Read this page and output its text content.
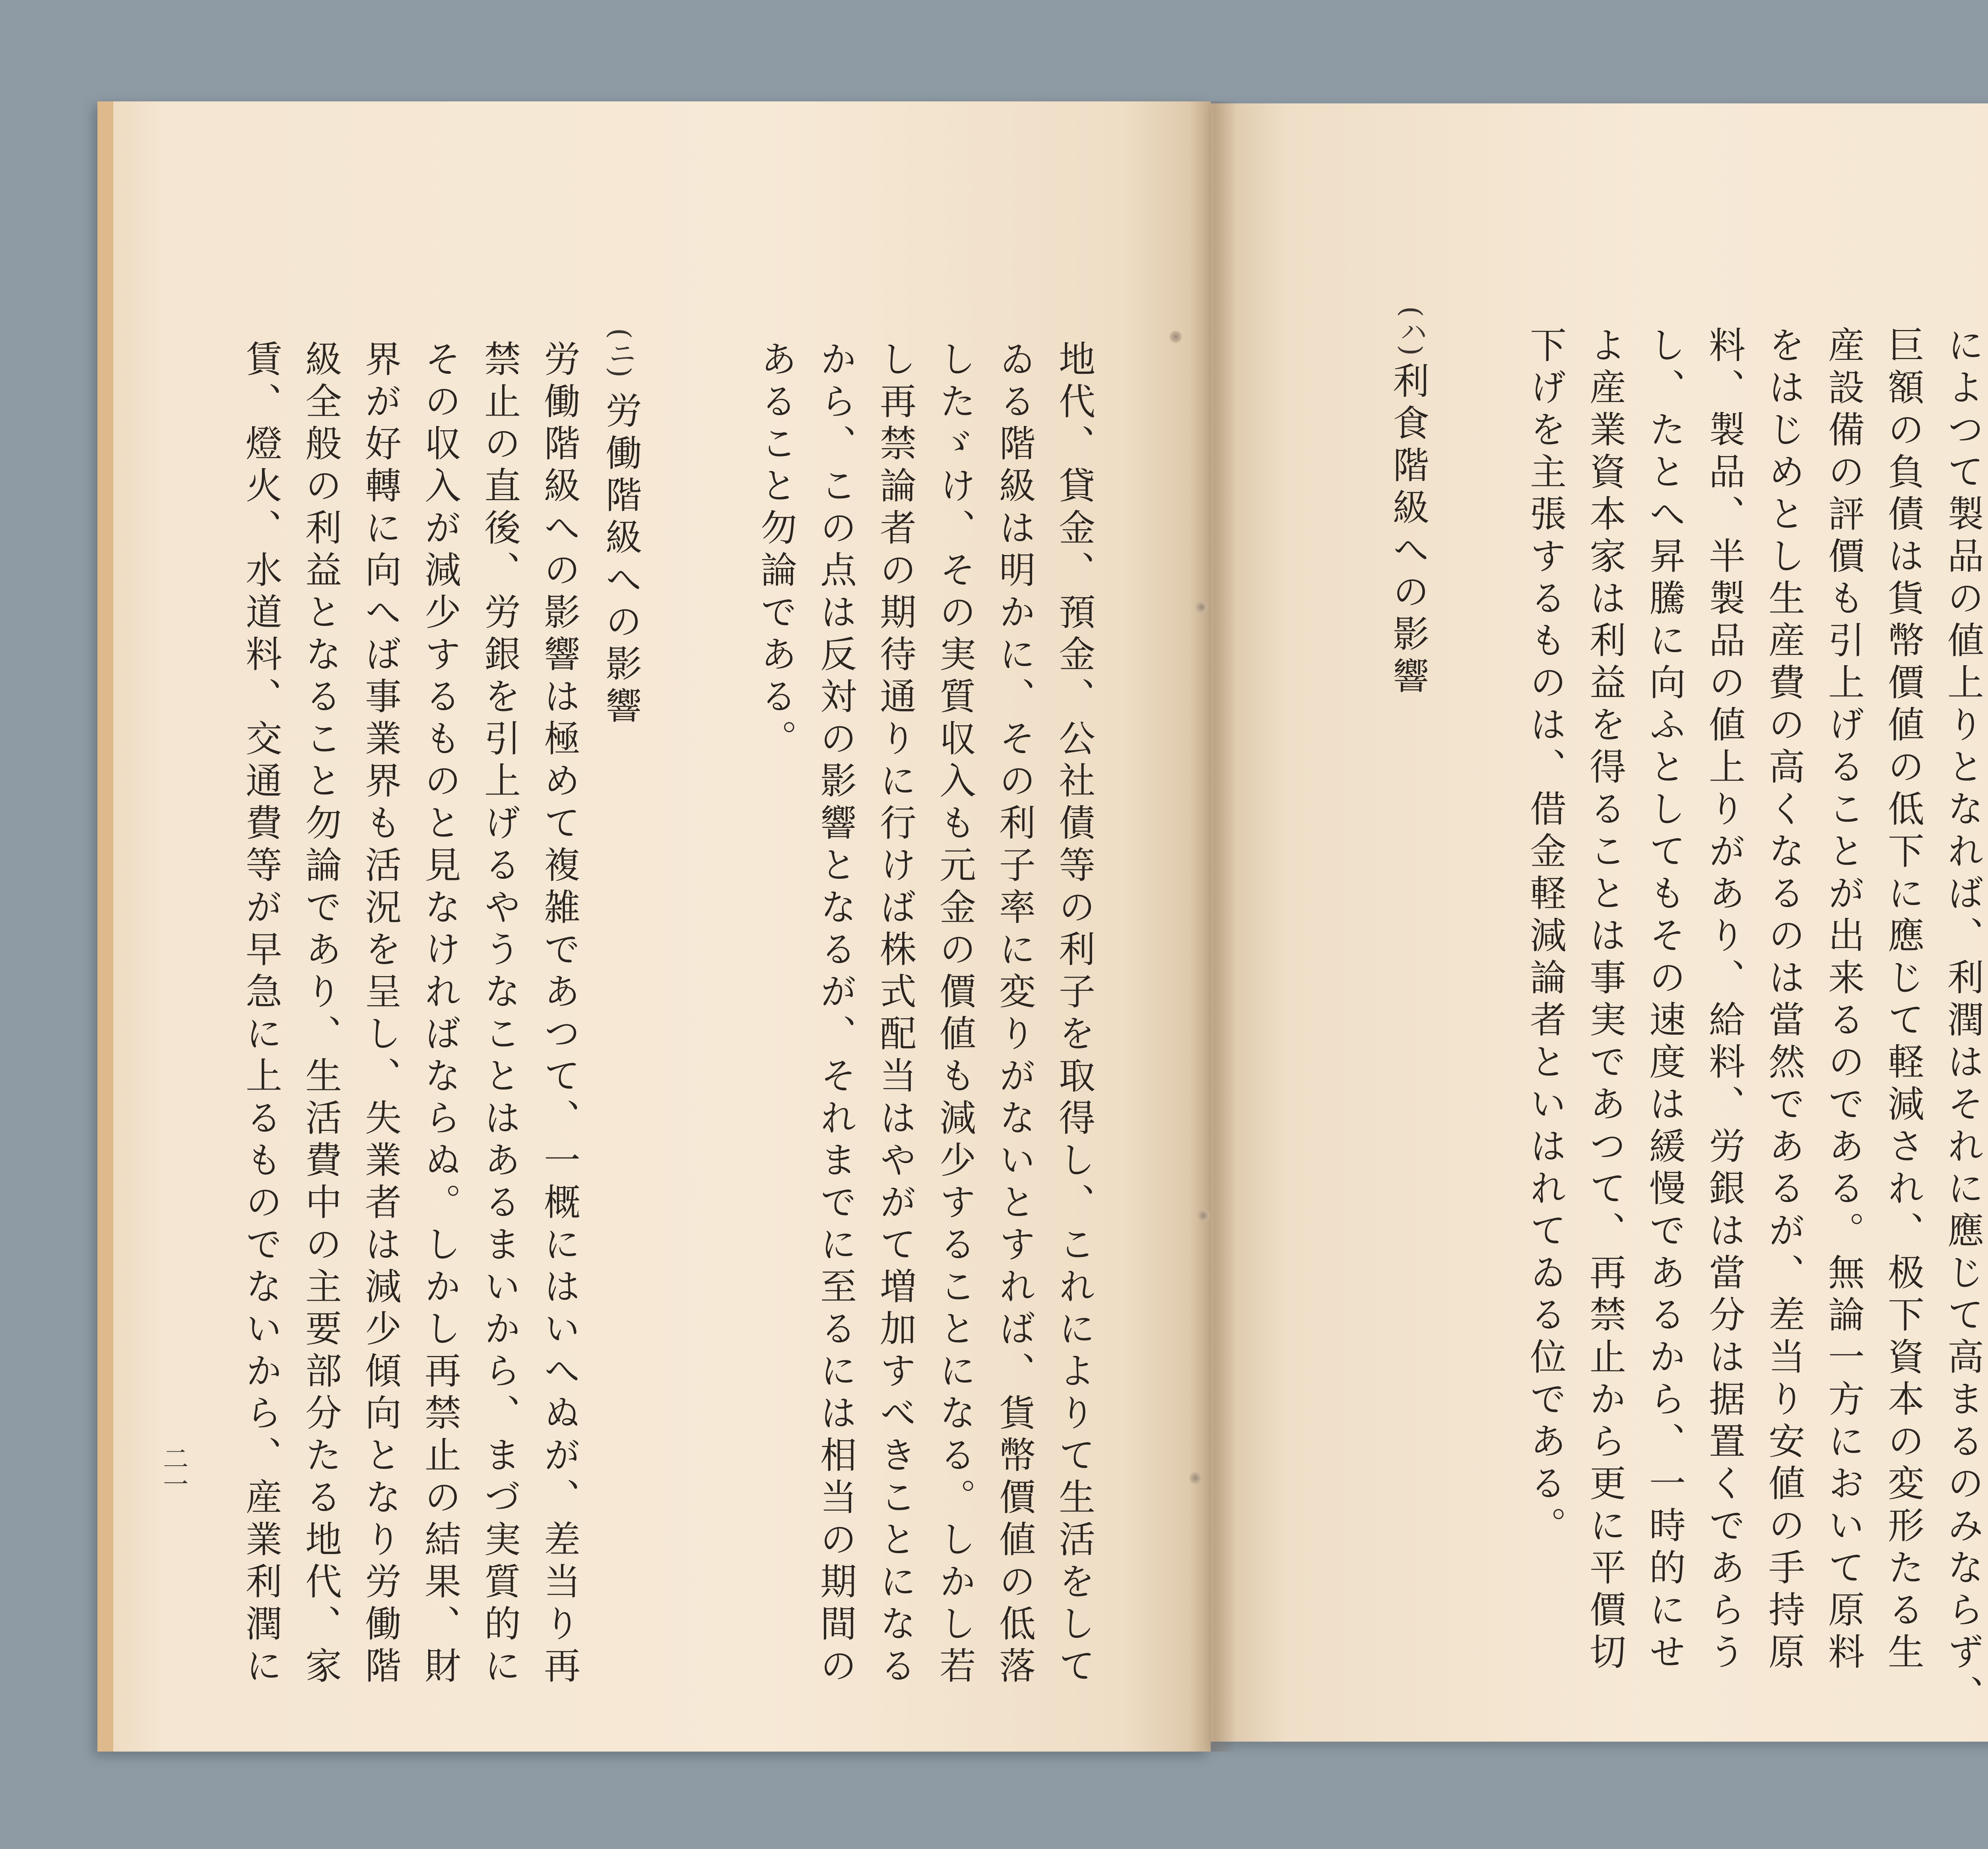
二一
(ニ)	地代、貸金、預金、公社債等の利子を取得し、これによりて生活をして
ゐる階級は明かに、その利子率に変りがないとすれば、貨幣價値の低落
したゞけ、その実質収入も元金の價値も減少することになる。しかし若
し再禁論者の期待通りに行けば株式配当はやがて増加すべきことになる
から、この点は反対の影響となるが、それまでに至るには相当の期間の
あること勿論である。
労働階級への影響
労働階級への影響は極めて複雑であつて、一概にはいへぬが、差当り再
禁止の直後、労銀を引上げるやうなことはあるまいから、まづ実質的に
その収入が減少するものと見なければならぬ。しかし再禁止の結果、財
界が好轉に向へば事業界も活況を呈し、失業者は減少傾向となり労働階
級全般の利益となること勿論であり、生活費中の主要部分たる地代、家
賃、燈火、水道料、交通費等が早急に上るものでないから、産業利潤に
(ハ)	によつて製品の値上りとなれば、利潤はそれに應じて高まるのみならず、
巨額の負債は貨幣價値の低下に應じて軽減され、极下資本の変形たる生
産設備の評價も引上げることが出来るのである。無論一方において原料
をはじめとし生産費の高くなるのは當然であるが、差当り安値の手持原
料、製品、半製品の値上りがあり、給料、労銀は當分は据置くであらう
し、たとへ昇騰に向ふとしてもその速度は緩慢であるから、一時的にせ
よ産業資本家は利益を得ることは事実であつて、再禁止から更に平價切
下げを主張するものは、借金軽減論者といはれてゐる位である。
利食階級への影響
